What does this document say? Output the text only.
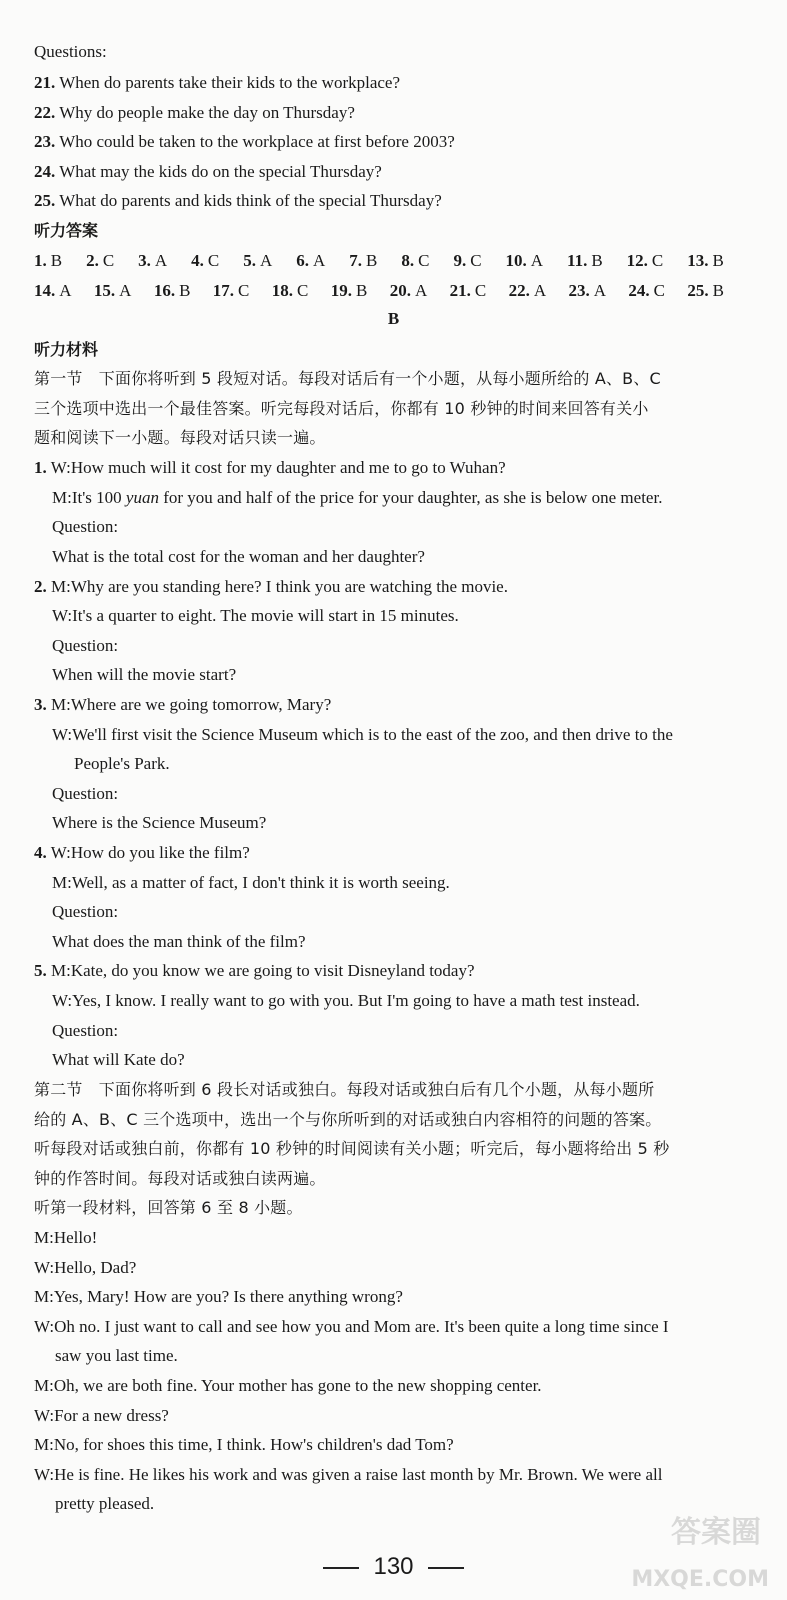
Questions:
21. When do parents take their kids to the workplace?
22. Why do people make the day on Thursday?
23. Who could be taken to the workplace at first before 2003?
24. What may the kids do on the special Thursday?
25. What do parents and kids think of the special Thursday?
听力答案
1. B 2. C 3. A 4. C 5. A 6. A 7. B 8. C 9. C 10. A 11. B 12. C 13. B
14. A 15. A 16. B 17. C 18. C 19. B 20. A 21. C 22. A 23. A 24. C 25. B
B
听力材料
第一节　下面你将听到 5 段短对话。每段对话后有一个小题，从每小题所给的 A、B、C
三个选项中选出一个最佳答案。听完每段对话后，你都有 10 秒钟的时间来回答有关小
题和阅读下一小题。每段对话只读一遍。
1. W:How much will it cost for my daughter and me to go to Wuhan?
M:It's 100 yuan for you and half of the price for your daughter, as she is below one meter.
Question:
What is the total cost for the woman and her daughter?
2. M:Why are you standing here? I think you are watching the movie.
W:It's a quarter to eight. The movie will start in 15 minutes.
Question:
When will the movie start?
3. M:Where are we going tomorrow, Mary?
W:We'll first visit the Science Museum which is to the east of the zoo, and then drive to the
People's Park.
Question:
Where is the Science Museum?
4. W:How do you like the film?
M:Well, as a matter of fact, I don't think it is worth seeing.
Question:
What does the man think of the film?
5. M:Kate, do you know we are going to visit Disneyland today?
W:Yes, I know. I really want to go with you. But I'm going to have a math test instead.
Question:
What will Kate do?
第二节　下面你将听到 6 段长对话或独白。每段对话或独白后有几个小题，从每小题所
给的 A、B、C 三个选项中，选出一个与你所听到的对话或独白内容相符的问题的答案。
听每段对话或独白前，你都有 10 秒钟的时间阅读有关小题；听完后，每小题将给出 5 秒
钟的作答时间。每段对话或独白读两遍。
听第一段材料，回答第 6 至 8 小题。
M:Hello!
W:Hello, Dad?
M:Yes, Mary! How are you? Is there anything wrong?
W:Oh no. I just want to call and see how you and Mom are. It's been quite a long time since I
saw you last time.
M:Oh, we are both fine. Your mother has gone to the new shopping center.
W:For a new dress?
M:No, for shoes this time, I think. How's children's dad Tom?
W:He is fine. He likes his work and was given a raise last month by Mr. Brown. We were all
pretty pleased.
130
答案圈
MXQE.COM
